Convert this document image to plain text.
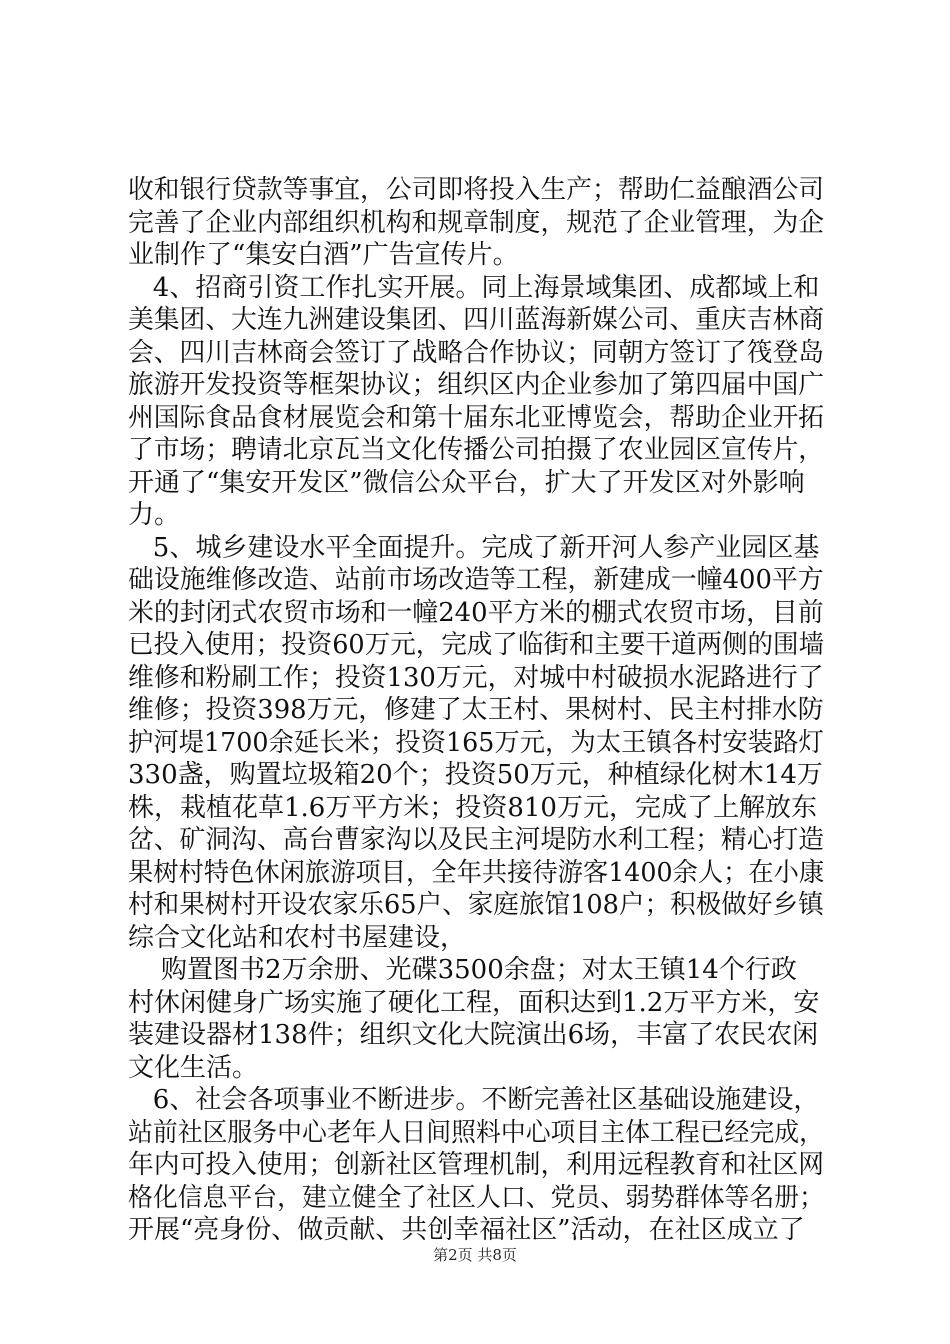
收和银行贷款等事宜，公司即将投入生产；帮助仁益酿酒公司
完善了企业内部组织机构和规章制度，规范了企业管理，为企
业制作了“集安白酒”广告宣传片。
4、招商引资工作扎实开展。同上海景域集团、成都域上和
美集团、大连九洲建设集团、四川蓝海新媒公司、重庆吉林商
会、四川吉林商会签订了战略合作协议；同朝方签订了筏登岛
旅游开发投资等框架协议；组织区内企业参加了第四届中国广
州国际食品食材展览会和第十届东北亚博览会，帮助企业开拓
了市场；聘请北京瓦当文化传播公司拍摄了农业园区宣传片，
开通了“集安开发区”微信公众平台，扩大了开发区对外影响
力。
5、城乡建设水平全面提升。完成了新开河人参产业园区基
础设施维修改造、站前市场改造等工程，新建成一幢400平方
米的封闭式农贸市场和一幢240平方米的棚式农贸市场，目前
已投入使用；投资60万元，完成了临街和主要干道两侧的围墙
维修和粉刷工作；投资130万元，对城中村破损水泥路进行了
维修；投资398万元，修建了太王村、果树村、民主村排水防
护河堤1700余延长米；投资165万元，为太王镇各村安装路灯
330盏，购置垃圾箱20个；投资50万元，种植绿化树木14万
株，栽植花草1.6万平方米；投资810万元，完成了上解放东
岔、矿洞沟、高台曹家沟以及民主河堤防水利工程；精心打造
果树村特色休闲旅游项目，全年共接待游客1400余人；在小康
村和果树村开设农家乐65户、家庭旅馆108户；积极做好乡镇
综合文化站和农村书屋建设，
购置图书2万余册、光碟3500余盘；对太王镇14个行政
村休闲健身广场实施了硬化工程，面积达到1.2万平方米，安
装建设器材138件；组织文化大院演出6场，丰富了农民农闲
文化生活。
6、社会各项事业不断进步。不断完善社区基础设施建设，
站前社区服务中心老年人日间照料中心项目主体工程已经完成，
年内可投入使用；创新社区管理机制，利用远程教育和社区网
格化信息平台，建立健全了社区人口、党员、弱势群体等名册；
开展“亮身份、做贡献、共创幸福社区”活动，在社区成立了
第2页 共8页
